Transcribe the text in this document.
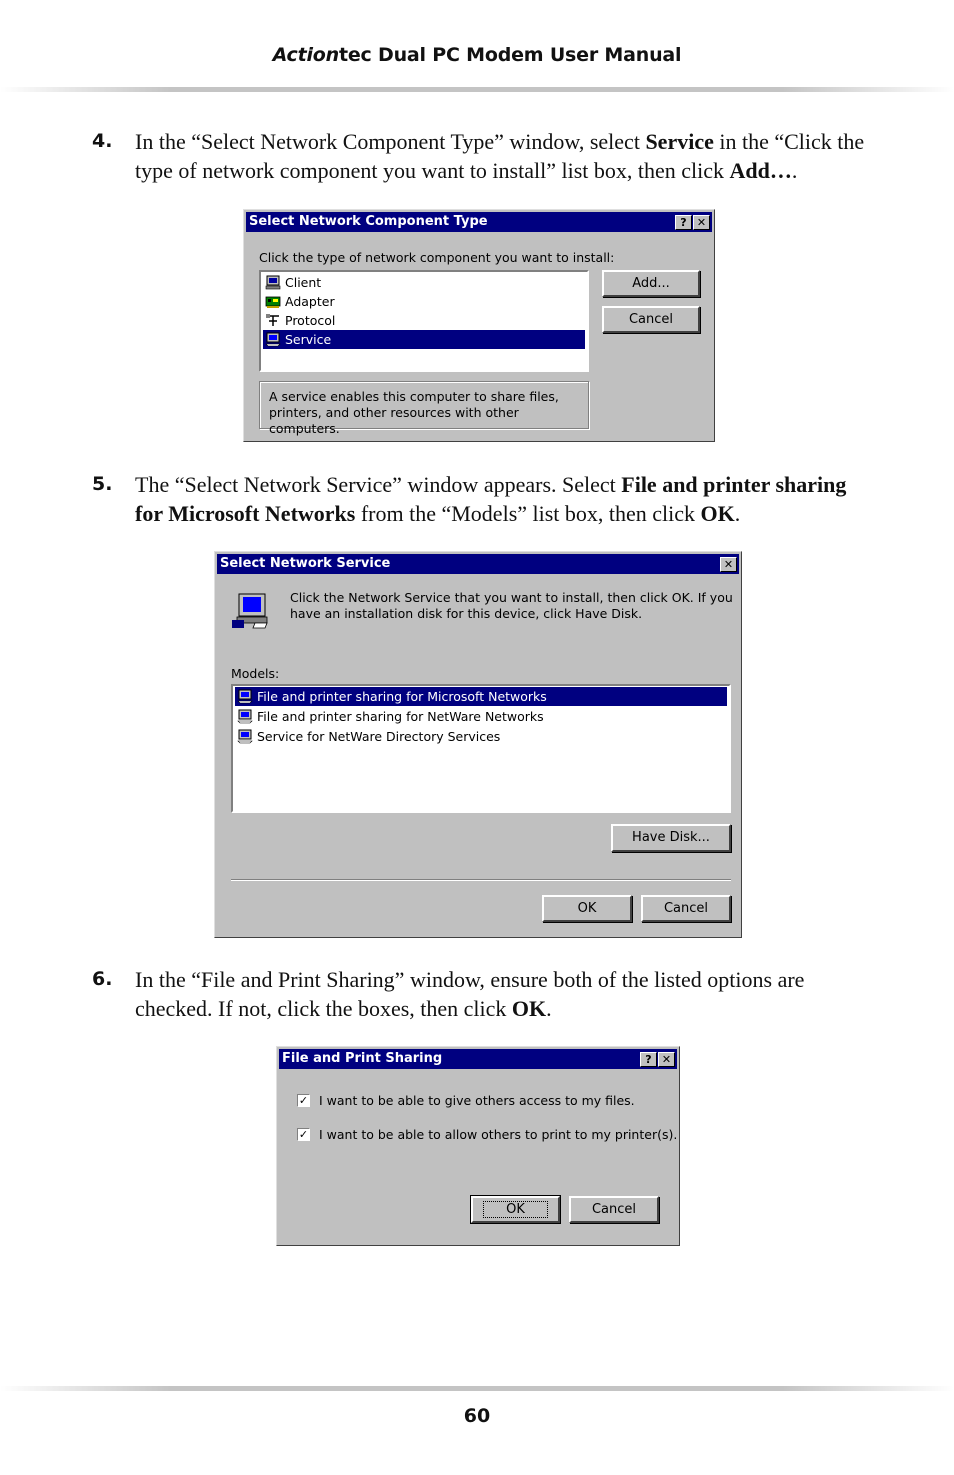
Actiontec Dual PC Modem User Manual
4. In the “Select Network Component Type” window, select Service in the “Click the type of network component you want to install” list box, then click Add….
Select Network Component Type	? ✕
Click the type of network component you want to install:
Client
Adapter
Protocol
Service
A service enables this computer to share files, printers, and other resources with other computers.
Add...
Cancel
5. The “Select Network Service” window appears. Select File and printer sharing for Microsoft Networks from the “Models” list box, then click OK.
Select Network Service	✕
Click the Network Service that you want to install, then click OK. If you have an installation disk for this device, click Have Disk.
Models:
File and printer sharing for Microsoft Networks
File and printer sharing for NetWare Networks
Service for NetWare Directory Services
Have Disk...
OK	Cancel
6. In the “File and Print Sharing” window, ensure both of the listed options are checked. If not, click the boxes, then click OK.
File and Print Sharing	? ✕
✓ I want to be able to give others access to my files.
✓ I want to be able to allow others to print to my printer(s).
OK	Cancel
60
